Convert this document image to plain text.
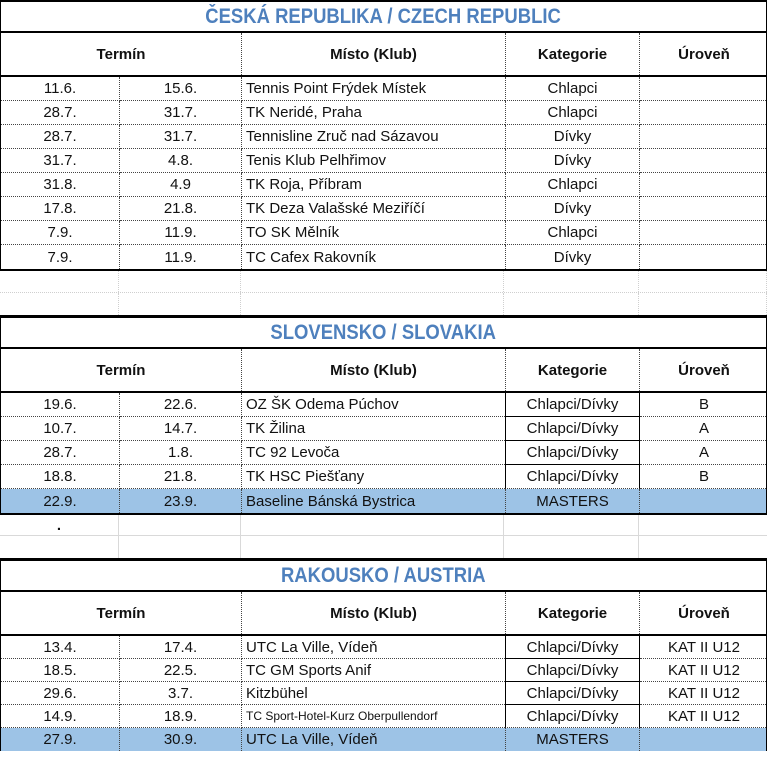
ČESKÁ REPUBLIKA / CZECH REPUBLIC
Termín	Místo (Klub)	Kategorie	Úroveň
11.6.	15.6.	Tennis Point Frýdek Místek	Chlapci
28.7.	31.7.	TK Neridé, Praha	Chlapci
28.7.	31.7.	Tennisline Zruč nad Sázavou	Dívky
31.7.	4.8.	Tenis Klub Pelhřimov	Dívky
31.8.	4.9	TK Roja, Příbram	Chlapci
17.8.	21.8.	TK Deza Valašské Meziříčí	Dívky
7.9.	11.9.	TO SK Mělník	Chlapci
7.9.	11.9.	TC Cafex Rakovník	Dívky
SLOVENSKO / SLOVAKIA
Termín	Místo (Klub)	Kategorie	Úroveň
19.6.	22.6.	OZ ŠK Odema Púchov	Chlapci/Dívky	B
10.7.	14.7.	TK Žilina	Chlapci/Dívky	A
28.7.	1.8.	TC 92 Levoča	Chlapci/Dívky	A
18.8.	21.8.	TK HSC Piešťany	Chlapci/Dívky	B
22.9.	23.9.	Baseline Bánská Bystrica	MASTERS
.
RAKOUSKO / AUSTRIA
Termín	Místo (Klub)	Kategorie	Úroveň
13.4.	17.4.	UTC La Ville, Vídeň	Chlapci/Dívky	KAT II U12
18.5.	22.5.	TC GM Sports Anif	Chlapci/Dívky	KAT II U12
29.6.	3.7.	Kitzbühel	Chlapci/Dívky	KAT II U12
14.9.	18.9.	TC Sport-Hotel-Kurz Oberpullendorf	Chlapci/Dívky	KAT II U12
27.9.	30.9.	UTC La Ville, Vídeň	MASTERS
